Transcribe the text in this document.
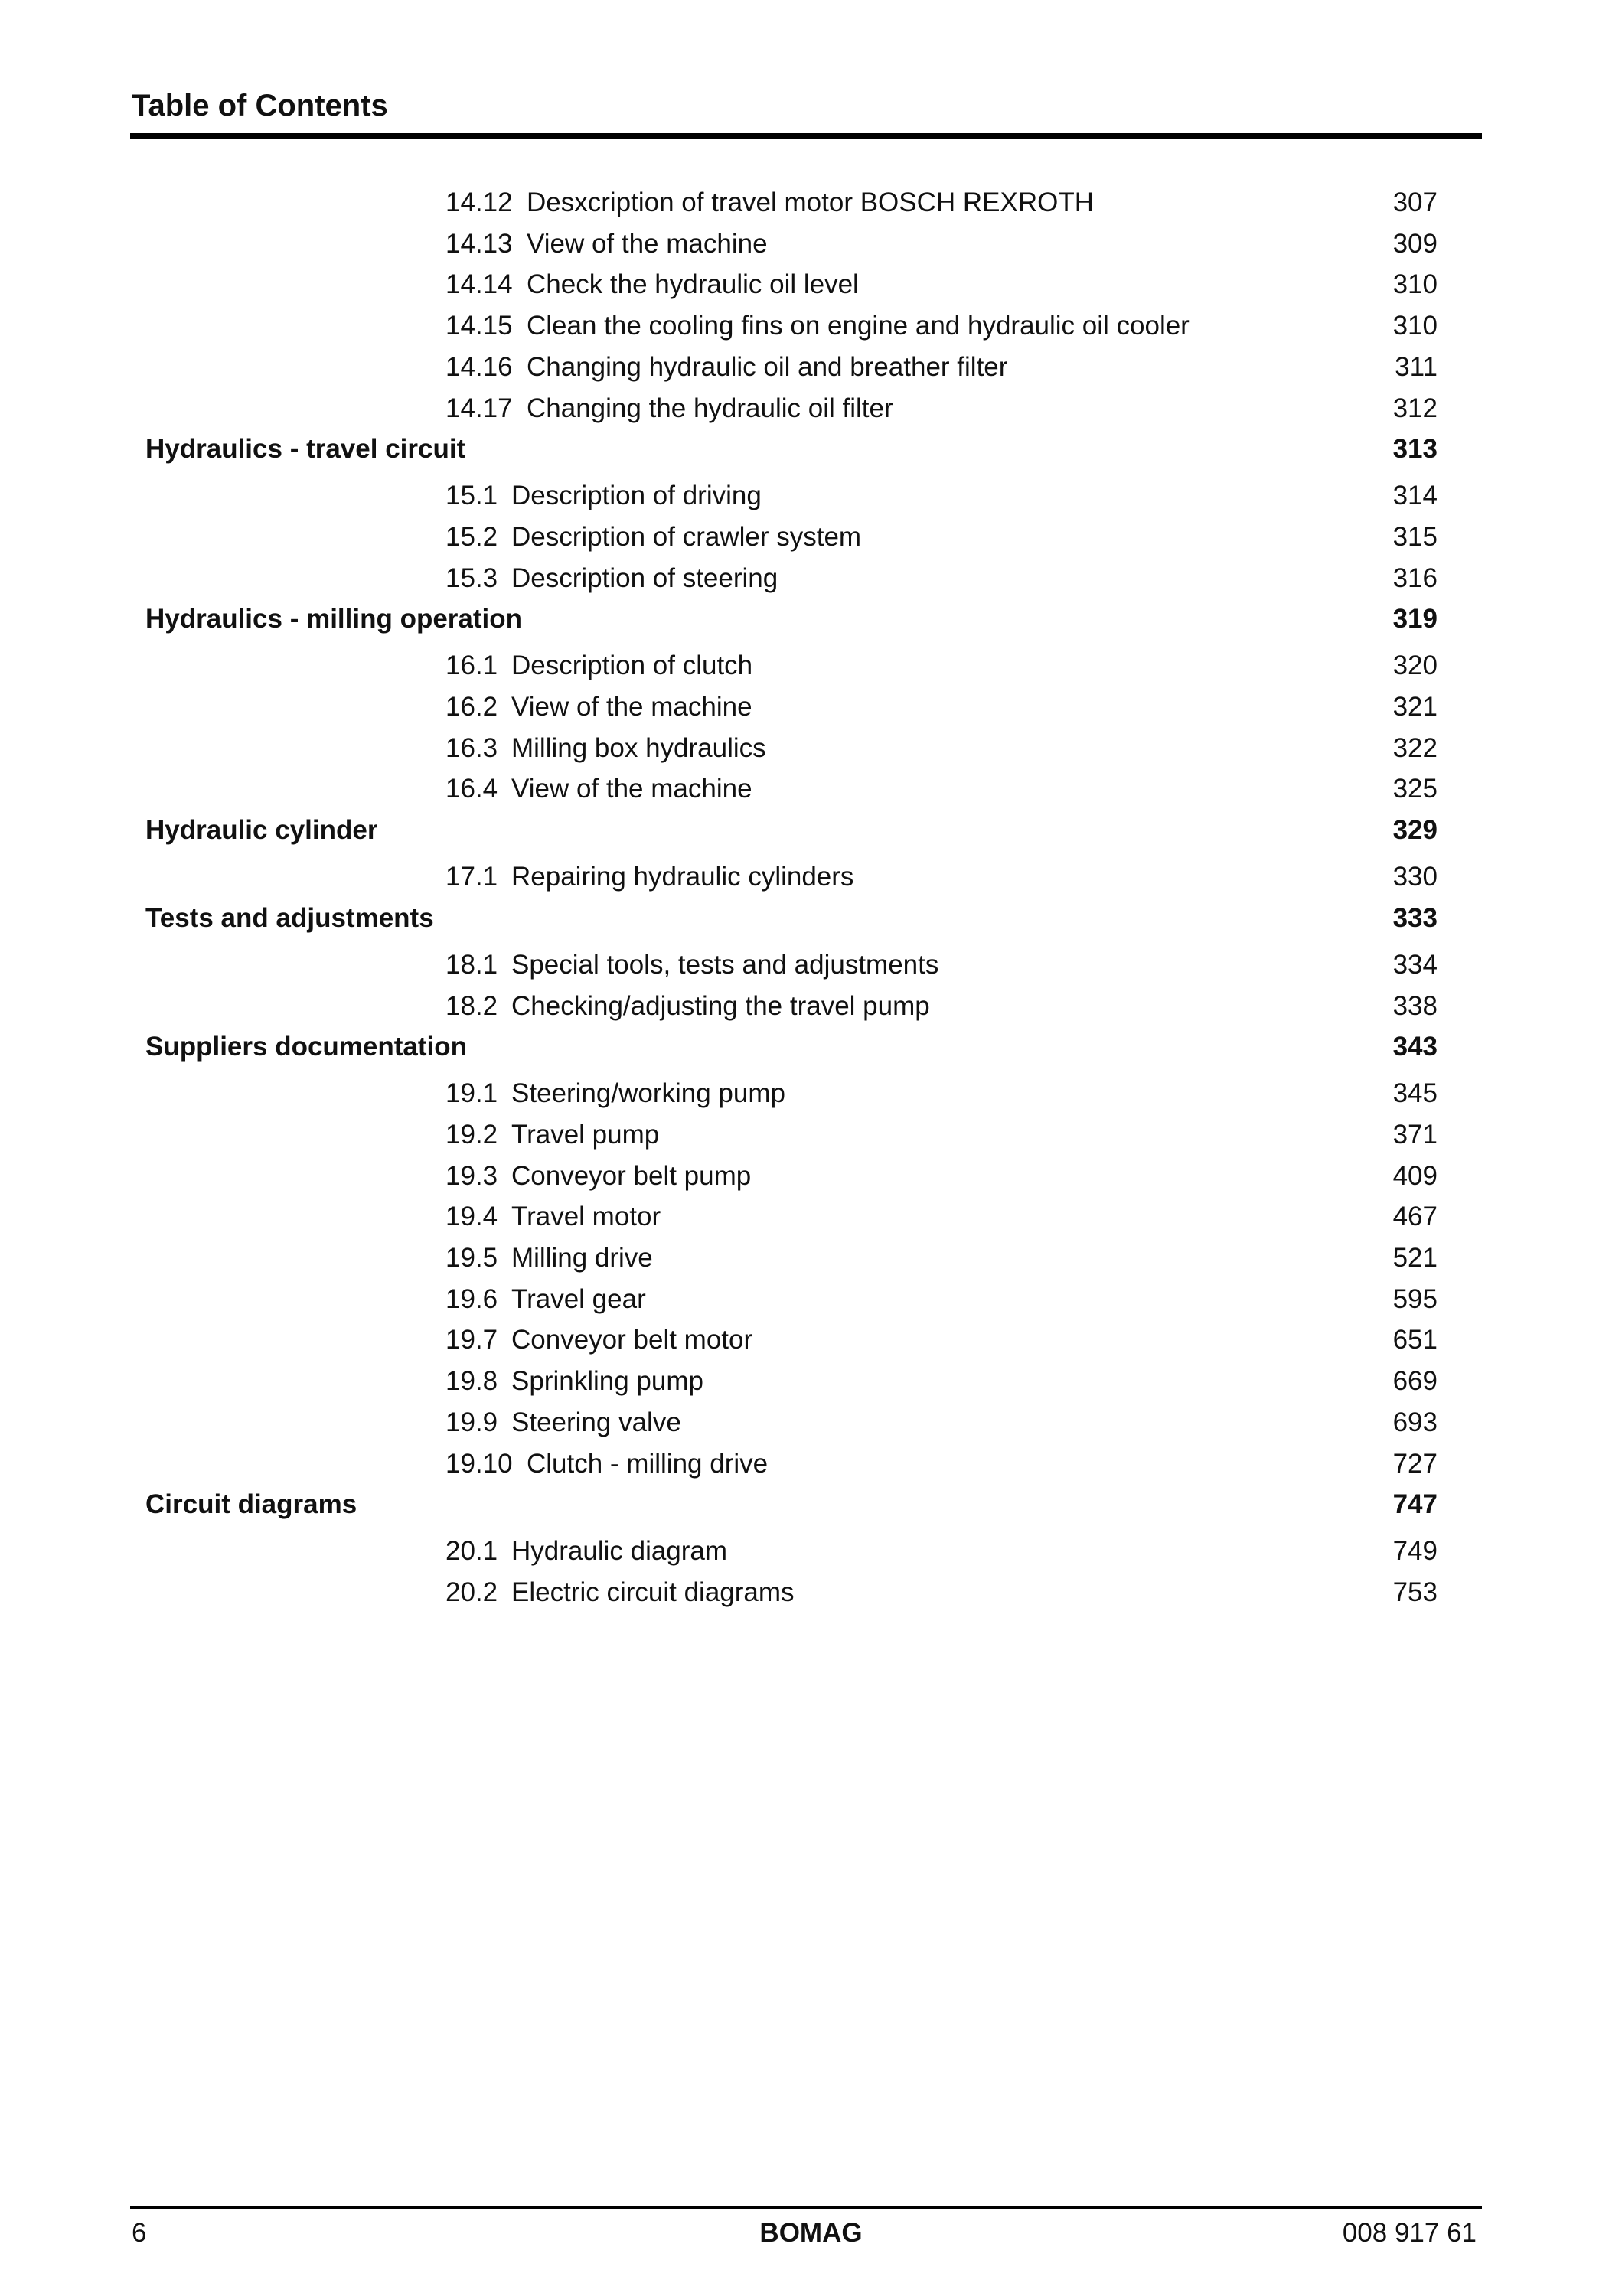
Table of Contents
14.12 Desxcription of travel motor BOSCH REXROTH	307
14.13 View of the machine	309
14.14 Check the hydraulic oil level	310
14.15 Clean the cooling fins on engine and hydraulic oil cooler	310
14.16 Changing hydraulic oil and breather filter	311
14.17 Changing the hydraulic oil filter	312
Hydraulics - travel circuit	313
15.1 Description of driving	314
15.2 Description of crawler system	315
15.3 Description of steering	316
Hydraulics - milling operation	319
16.1 Description of clutch	320
16.2 View of the machine	321
16.3 Milling box hydraulics	322
16.4 View of the machine	325
Hydraulic cylinder	329
17.1 Repairing hydraulic cylinders	330
Tests and adjustments	333
18.1 Special tools, tests and adjustments	334
18.2 Checking/adjusting the travel pump	338
Suppliers documentation	343
19.1 Steering/working pump	345
19.2 Travel pump	371
19.3 Conveyor belt pump	409
19.4 Travel motor	467
19.5 Milling drive	521
19.6 Travel gear	595
19.7 Conveyor belt motor	651
19.8 Sprinkling pump	669
19.9 Steering valve	693
19.10 Clutch - milling drive	727
Circuit diagrams	747
20.1 Hydraulic diagram	749
20.2 Electric circuit diagrams	753
6	BOMAG	008 917 61
